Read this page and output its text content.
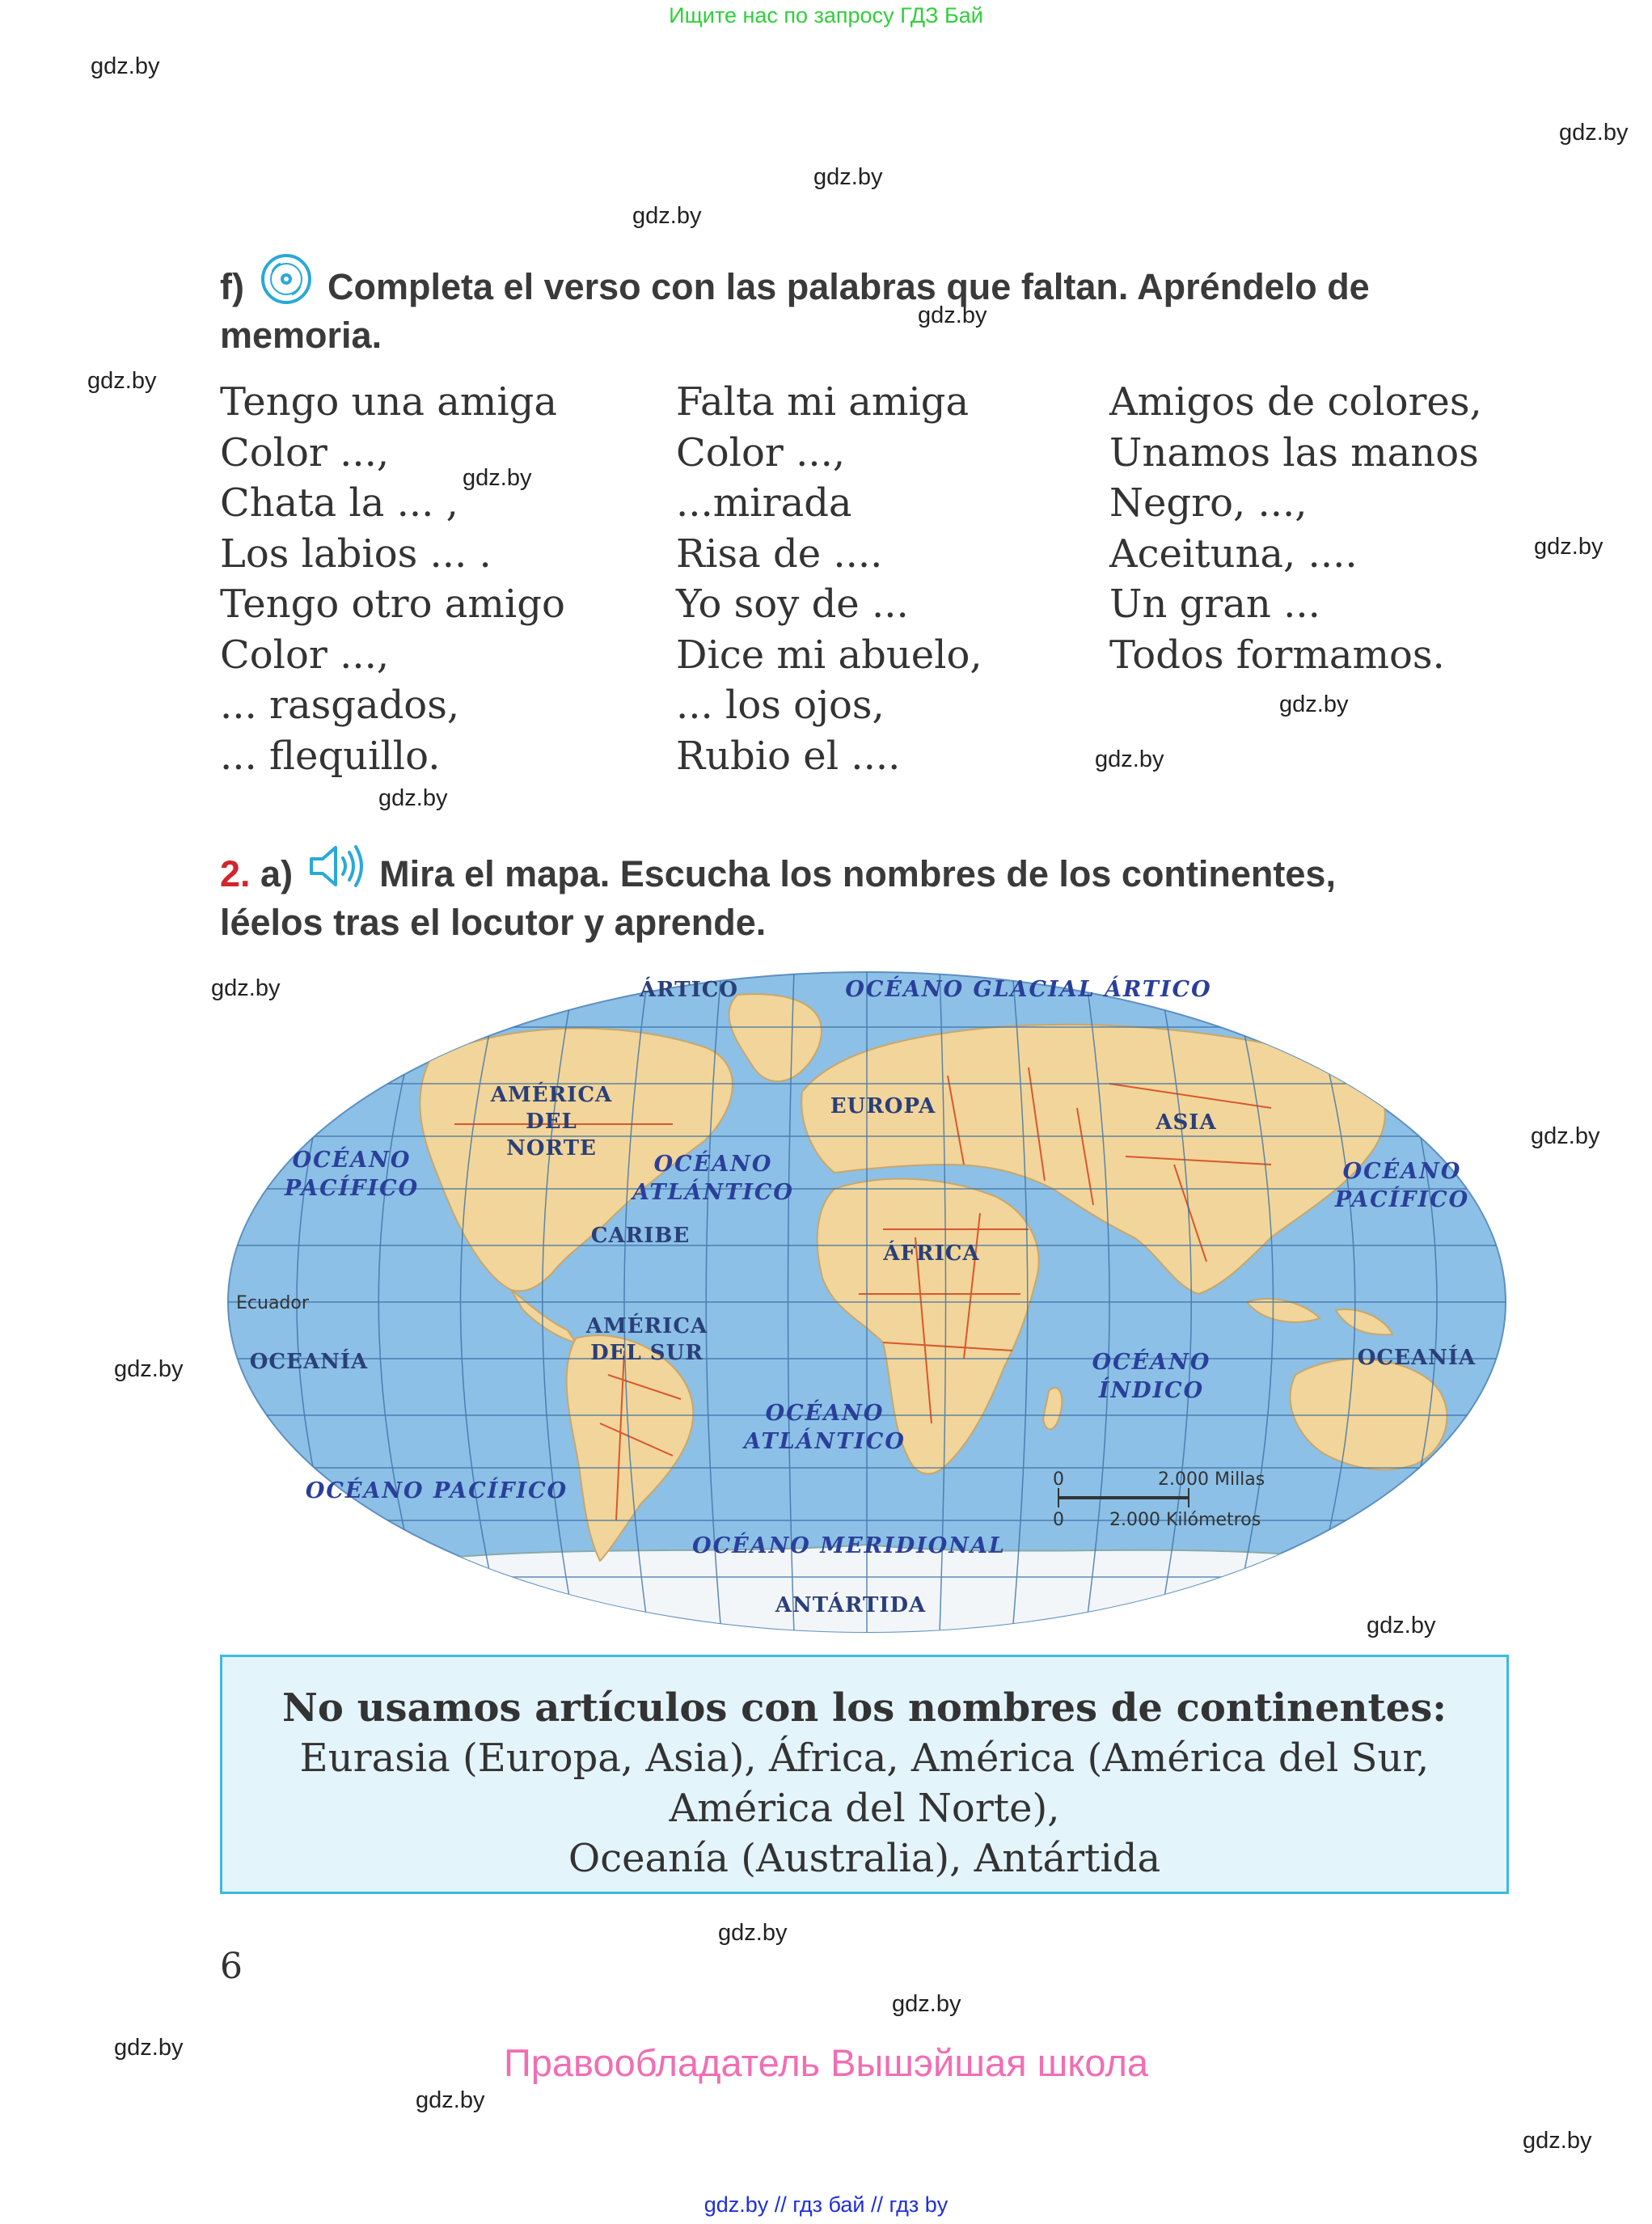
Ищите нас по запросу ГДЗ Бай
gdz.by
gdz.by
gdz.by
gdz.by
gdz.by
gdz.by
gdz.by
gdz.by
gdz.by
gdz.by
gdz.by
gdz.by
gdz.by
gdz.by
gdz.by
gdz.by
gdz.by
gdz.by
gdz.by
gdz.by
f) Completa el verso con las palabras que faltan. Apréndelo de
memoria.
Tengo una amiga
Color ...,
Chata la ... ,
Los labios ... .
Tengo otro amigo
Color ...,
... rasgados,
... flequillo.
Falta mi amiga
Color ...,
...mirada
Risa de ....
Yo soy de ...
Dice mi abuelo,
... los ojos,
Rubio el ....
Amigos de colores,
Unamos las manos
Negro, ...,
Aceituna, ....
Un gran ...
Todos formamos.
2. a) Mira el mapa. Escucha los nombres de los continentes,
léelos tras el locutor y aprende.
ÁRTICO	OCÉANO GLACIAL ÁRTICO
AMÉRICA
DEL
NORTE
EUROPA
ASIA
OCÉANO
PACÍFICO
OCÉANO
ATLÁNTICO
OCÉANO
PACÍFICO
CARIBE
ÁFRICA
Ecuador
OCEANÍA
AMÉRICA
DEL SUR	OCEANÍA
OCÉANO
ÍNDICO
OCÉANO
ATLÁNTICO
OCÉANO PACÍFICO
OCÉANO MERIDIONAL
ANTÁRTIDA
0
0
2.000 Millas
2.000 Kilómetros
No usamos artículos con los nombres de continentes:
Eurasia (Europa, Asia), África, América (América del Sur,
América del Norte),
Oceanía (Australia), Antártida
6
Правообладатель Вышэйшая школа
gdz.by // гдз бай // гдз by
